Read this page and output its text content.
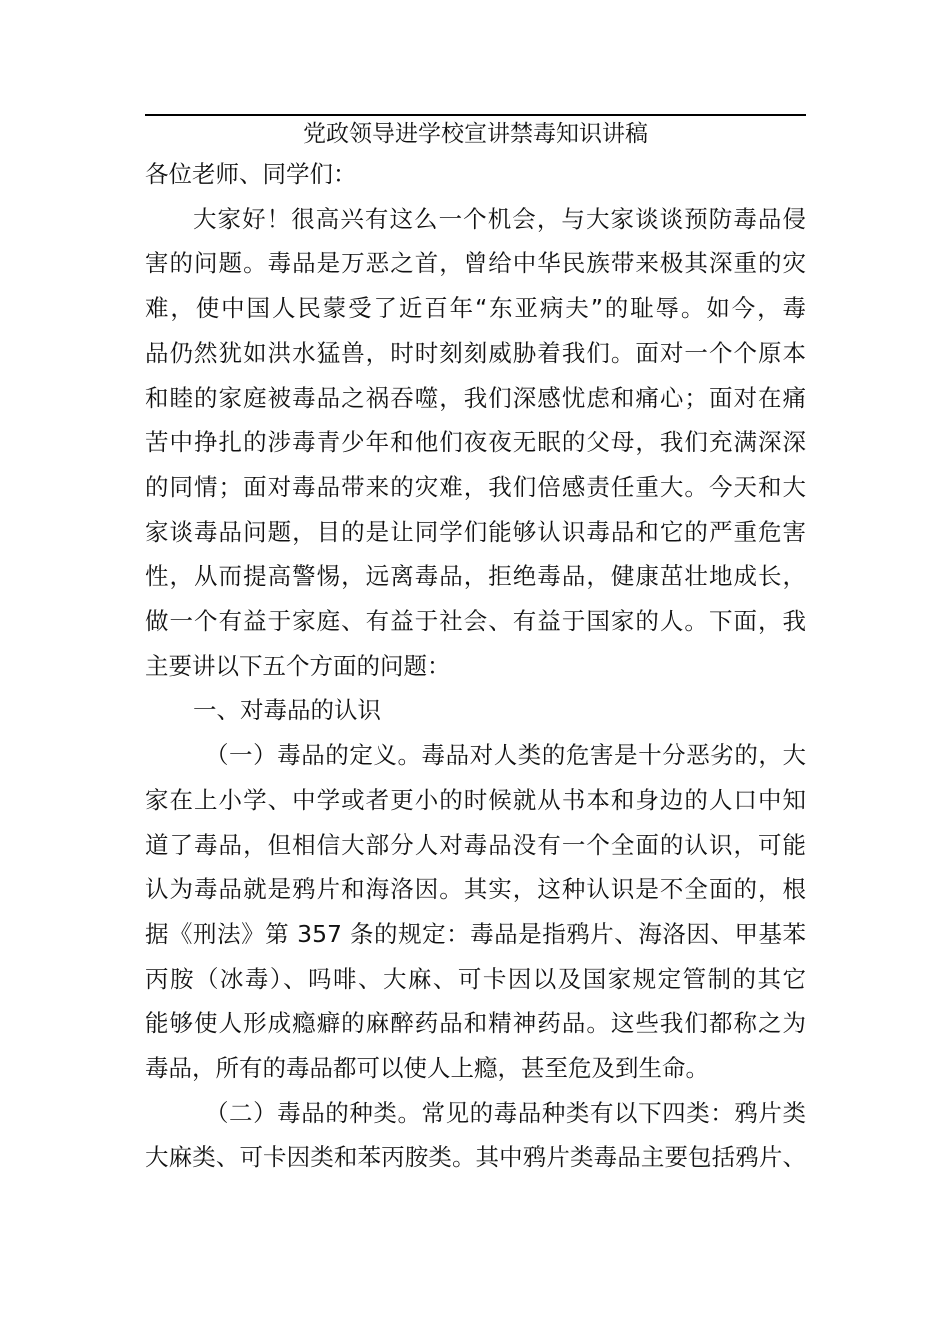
党政领导进学校宣讲禁毒知识讲稿
各位老师、同学们：
大家好！很高兴有这么一个机会，与大家谈谈预防毒品侵
害的问题。毒品是万恶之首，曾给中华民族带来极其深重的灾
难，使中国人民蒙受了近百年“东亚病夫”的耻辱。如今，毒
品仍然犹如洪水猛兽，时时刻刻威胁着我们。面对一个个原本
和睦的家庭被毒品之祸吞噬，我们深感忧虑和痛心；面对在痛
苦中挣扎的涉毒青少年和他们夜夜无眠的父母，我们充满深深
的同情；面对毒品带来的灾难，我们倍感责任重大。今天和大
家谈毒品问题，目的是让同学们能够认识毒品和它的严重危害
性，从而提高警惕，远离毒品，拒绝毒品，健康茁壮地成长，
做一个有益于家庭、有益于社会、有益于国家的人。下面，我
主要讲以下五个方面的问题：
一、对毒品的认识
（一）毒品的定义。毒品对人类的危害是十分恶劣的，大
家在上小学、中学或者更小的时候就从书本和身边的人口中知
道了毒品，但相信大部分人对毒品没有一个全面的认识，可能
认为毒品就是鸦片和海洛因。其实，这种认识是不全面的，根
据《刑法》第 357 条的规定：毒品是指鸦片、海洛因、甲基苯
丙胺（冰毒）、吗啡、大麻、可卡因以及国家规定管制的其它
能够使人形成瘾癖的麻醉药品和精神药品。这些我们都称之为
毒品，所有的毒品都可以使人上瘾，甚至危及到生命。
（二）毒品的种类。常见的毒品种类有以下四类：鸦片类
大麻类、可卡因类和苯丙胺类。其中鸦片类毒品主要包括鸦片、
